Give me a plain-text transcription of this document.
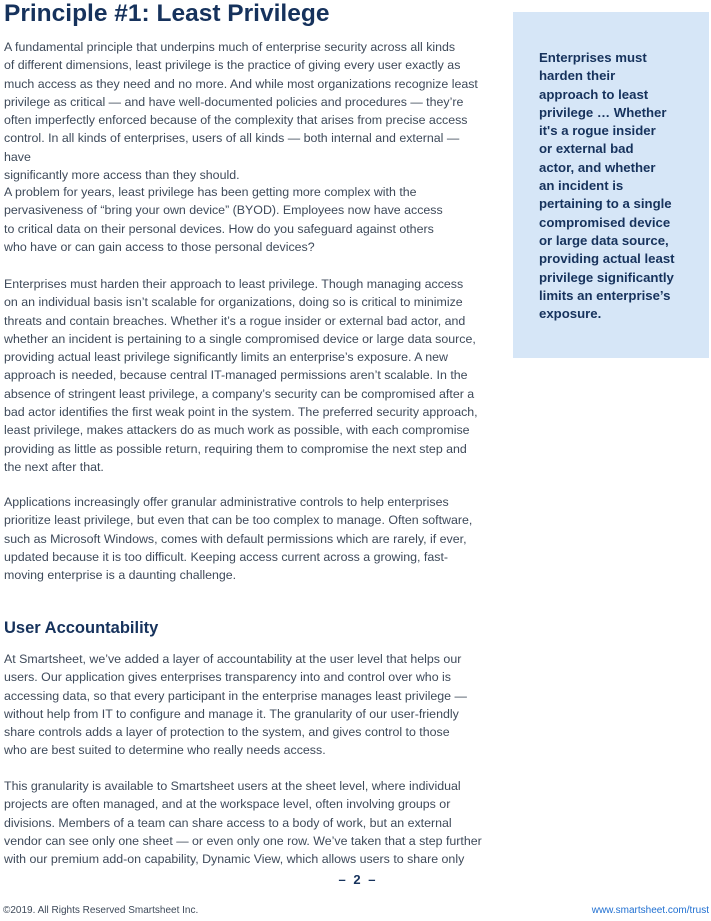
Principle #1: Least Privilege

A fundamental principle that underpins much of enterprise security across all kinds

of different dimensions, least privilege is the practice of giving every user exactly as

much access as they need and no more. And while most organizations recognize least

privilege as critical — and have well-documented policies and procedures — they’re

often imperfectly enforced because of the complexity that arises from precise access

control. In all kinds of enterprises, users of all kinds — both internal and external — have

significantly more access than they should.

A problem for years, least privilege has been getting more complex with the

pervasiveness of “bring your own device” (BYOD). Employees now have access

to critical data on their personal devices. How do you safeguard against others

who have or can gain access to those personal devices?

Enterprises must harden their approach to least privilege. Though managing access

on an individual basis isn’t scalable for organizations, doing so is critical to minimize

threats and contain breaches. Whether it’s a rogue insider or external bad actor, and

whether an incident is pertaining to a single compromised device or large data source,

providing actual least privilege significantly limits an enterprise’s exposure. A new

approach is needed, because central IT-managed permissions aren’t scalable. In the

absence of stringent least privilege, a company’s security can be compromised after a

bad actor identifies the first weak point in the system. The preferred security approach,

least privilege, makes attackers do as much work as possible, with each compromise

providing as little as possible return, requiring them to compromise the next step and

the next after that.

Applications increasingly offer granular administrative controls to help enterprises

prioritize least privilege, but even that can be too complex to manage. Often software,

such as Microsoft Windows, comes with default permissions which are rarely, if ever,

updated because it is too difficult. Keeping access current across a growing, fast-

moving enterprise is a daunting challenge.

User Accountability

At Smartsheet, we’ve added a layer of accountability at the user level that helps our

users. Our application gives enterprises transparency into and control over who is

accessing data, so that every participant in the enterprise manages least privilege —

without help from IT to configure and manage it. The granularity of our user-friendly

share controls adds a layer of protection to the system, and gives control to those

who are best suited to determine who really needs access.

This granularity is available to Smartsheet users at the sheet level, where individual

projects are often managed, and at the workspace level, often involving groups or

divisions. Members of a team can share access to a body of work, but an external

vendor can see only one sheet — or even only one row. We’ve taken that a step further

with our premium add-on capability, Dynamic View, which allows users to share only

Enterprises must
harden their
approach to least
privilege … Whether
it's a rogue insider
or external bad
actor, and whether
an incident is
pertaining to a single
compromised device
or large data source,
providing actual least
privilege significantly
limits an enterprise’s
exposure.
©2019. All Rights Reserved Smartsheet Inc.
– 2 –
www.smartsheet.com/trust
